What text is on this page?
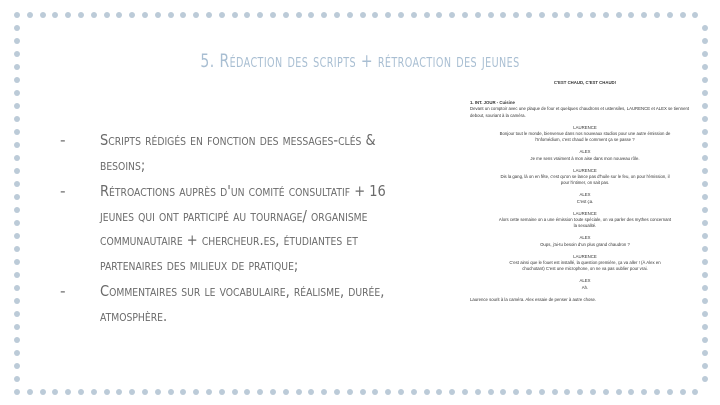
5. Rédaction des scripts + rétroaction des jeunes
- Scripts rédigés en fonction des messages-clés & besoins;
- Rétroactions auprès d'un comité consultatif + 16 jeunes qui ont participé au tournage/ organisme communautaire + chercheur.es, étudiantes et partenaires des milieux de pratique;
- Commentaires sur le vocabulaire, réalisme, durée, atmosphère.
C'EST CHAUD, C'EST CHAUD!
1. INT. JOUR - Cuisine

Devant un comptoir avec une plaque de four et quelques chaudrons et ustensiles, LAURENCE et ALEX se tiennent debout, souriant à la caméra.

LAURENCE

Bonjour tout le monde, bienvenue dans nos nouveaux studios pour une autre émission de l'Infomédium, c'est chaud le comment ça se passe ?

ALEX

Je me sens vraiment à mon aise dans mon nouveau rôle.

LAURENCE

Dis la gang, là on en fête, c'est qu'on se lance pas d'huile sur le feu, on pour l'émission, il pour l'intimer, on sait pas.

ALEX

C'est ça.

LAURENCE

Alors cette semaine on a une émission toute spéciale, on va parler des mythes concernant la sexualité.

ALEX

Oups, j'ai-tu besoin d'un plus grand chaudron ?

LAURENCE

C'est ainsi que le fouet est installé, la question première, ça va aller ! (À Alex en chuchotant) C'est une microphone, on ne va pas oublier pour vrai.

ALEX

Ah.

Laurence sourit à la caméra. Alex essaie de penser à autre chose.
